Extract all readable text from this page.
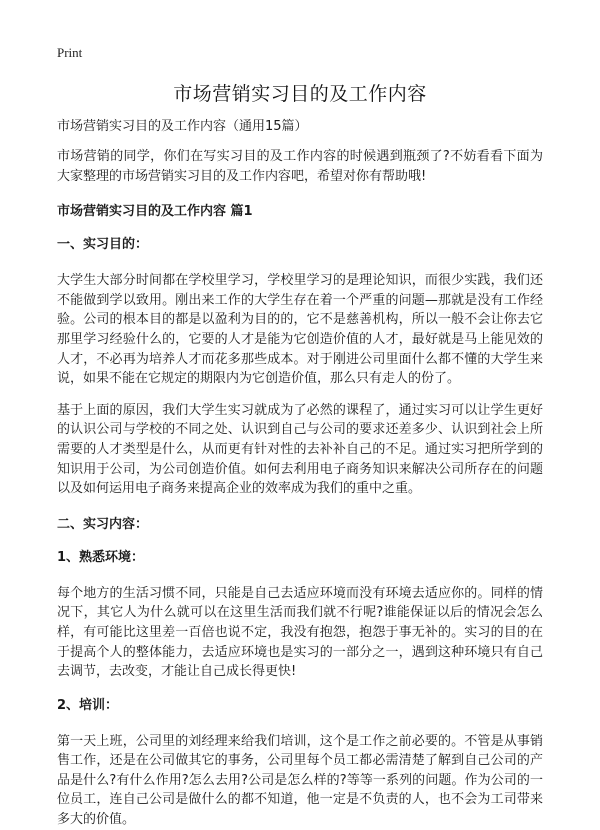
Print
市场营销实习目的及工作内容

市场营销实习目的及工作内容（通用15篇）

市场营销的同学，你们在写实习目的及工作内容的时候遇到瓶颈了?不妨看看下面为大家整理的市场营销实习目的及工作内容吧，希望对你有帮助哦!

市场营销实习目的及工作内容 篇1
一、实习目的：

大学生大部分时间都在学校里学习，学校里学习的是理论知识，而很少实践，我们还不能做到学以致用。刚出来工作的大学生存在着一个严重的问题—那就是没有工作经验。公司的根本目的都是以盈利为目的的，它不是慈善机构，所以一般不会让你去它那里学习经验什么的，它要的人才是能为它创造价值的人才，最好就是马上能见效的人才，不必再为培养人才而花多那些成本。对于刚进公司里面什么都不懂的大学生来说，如果不能在它规定的期限内为它创造价值，那么只有走人的份了。

基于上面的原因，我们大学生实习就成为了必然的课程了，通过实习可以让学生更好的认识公司与学校的不同之处、认识到自己与公司的要求还差多少、认识到社会上所需要的人才类型是什么，从而更有针对性的去补补自己的不足。通过实习把所学到的知识用于公司，为公司创造价值。如何去利用电子商务知识来解决公司所存在的问题以及如何运用电子商务来提高企业的效率成为我们的重中之重。

二、实习内容：
1、熟悉环境：

每个地方的生活习惯不同，只能是自己去适应环境而没有环境去适应你的。同样的情况下，其它人为什么就可以在这里生活而我们就不行呢?谁能保证以后的情况会怎么样，有可能比这里差一百倍也说不定，我没有抱怨，抱怨于事无补的。实习的目的在于提高个人的整体能力，去适应环境也是实习的一部分之一，遇到这种环境只有自己去调节，去改变，才能让自己成长得更快!

2、培训：

第一天上班，公司里的刘经理来给我们培训，这个是工作之前必要的。不管是从事销售工作，还是在公司做其它的事务，公司里每个员工都必需清楚了解到自己公司的产品是什么?有什么作用?怎么去用?公司是怎么样的?等等一系列的问题。作为公司的一位员工，连自己公司是做什么的都不知道，他一定是不负责的人，也不会为工司带来多大的价值。
